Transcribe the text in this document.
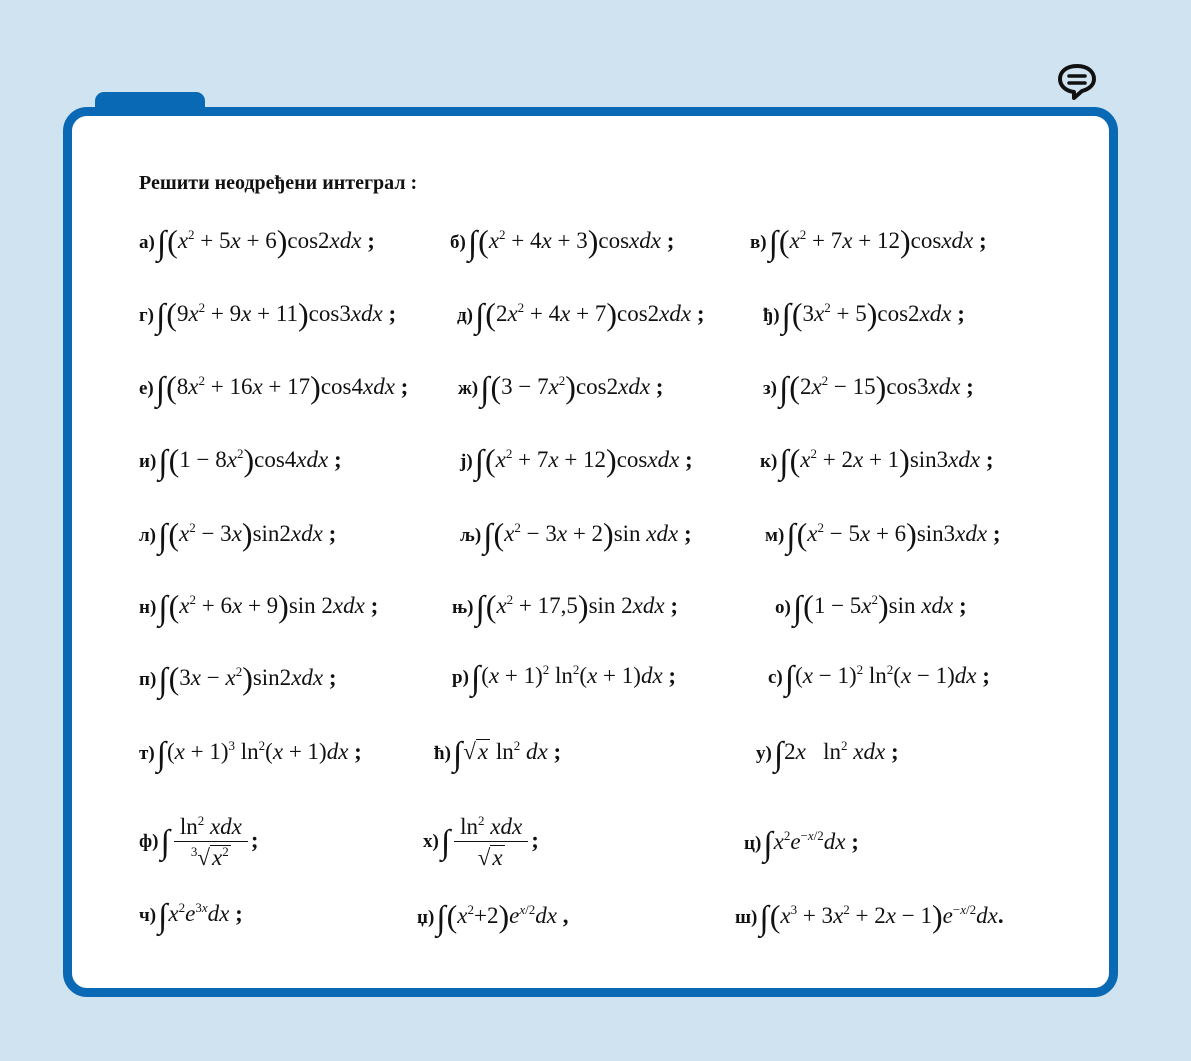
Решити неодређени интеграл :
$а)\int(x^2 + 5x + 6)\cos 2xdx$ ;	$б)\int(x^2 + 4x$ + 3)cosxdx ;	$в)\int(x^2 + 7x$ + 12)cosxdx ;
$г)\int(9x^2 + 9x + 11)\cos 3xdx$ ;	$д)\int(2x^2 + 4x + 7)\cos 2xdx$ ;	$ђ)\int(3x^2 + 5)\cos 2xdx$ ;
$е)\int(8x^2 + 16x + 17)\cos 4xdx$ ;	$ж)\int(3 - 7x^2)\cos 2xdx$ ;	$з)\int(2x^2 - 15)\cos 3xdx$ ;
$и)\int(1 - 8x^2)\cos 4xdx$ ;	$ј)\int(x^2 + 7x$ + 12)cosxdx ;	$к)\int(x^2 + 2x + 1)\sin 3xdx$ ;
$л)\int(x^2 - 3x)\sin 2xdx$ ;	$љ)\int(x^2 - 3x + 2)\sin$ xdx ;	$м)\int(x^2 - 5x + 6)\sin 3xdx$ ;
$н)\int(x^2 + 6x + 9)\sin$ 2xdx ;	$њ)\int(x^2 + 17,5)\sin$ 2xdx ;	$о)\int(1 - 5x^2)\sin$ xdx ;
$п)\int(3x - x^2)\sin 2xdx$ ;	$р)\int(x + 1)^2$ $\ln^2(x + 1)dx$ ;	$с)\int(x - 1)^2$ $\ln^2(x - 1)dx$ ;
$т)\int(x + 1)^3$ $\ln^2(x + 1)dx$ ;	ћ)∫√x $\ln^2$ dx ;	у)∫2x   $\ln^2$ xdx ;
$ф)\int \frac{\ln^2 xdx}{^3√x^2}$ ;	$х)\int \frac{\ln^2 xdx}{√x}$ ;	$ц)\int x^2e^{-x/2}dx$ ;
$ч)\int x^2e^{3x}dx$ ;	$џ)\int(x^2+2)e^{x/2}dx$ ,	$ш)\int(x^3 + 3x^2 + 2x - 1)e^{-x/2}dx$.
